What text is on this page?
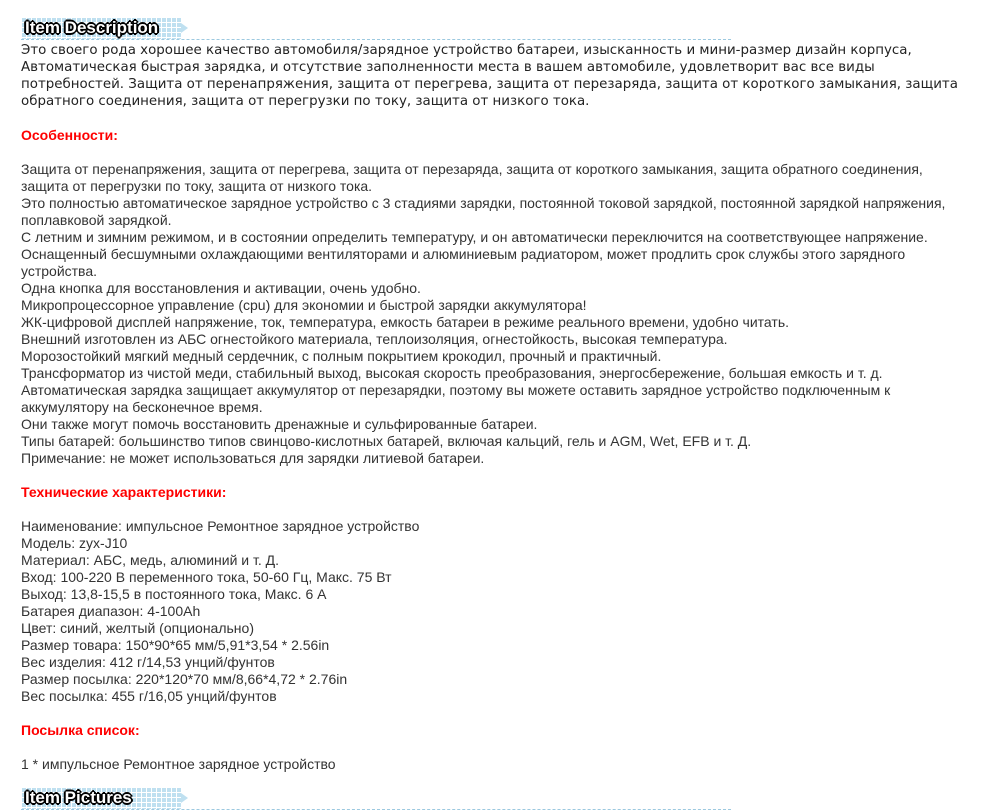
Item Description

Это своего рода хорошее качество автомобиля/зарядное устройство батареи, изысканность и мини-размер дизайн корпуса, Автоматическая быстрая зарядка, и отсутствие заполненности места в вашем автомобиле, удовлетворит вас все виды потребностей. Защита от перенапряжения, защита от перегрева, защита от перезаряда, защита от короткого замыкания, защита обратного соединения, защита от перегрузки по току, защита от низкого тока.

Особенности:
Защита от перенапряжения, защита от перегрева, защита от перезаряда, защита от короткого замыкания, защита обратного соединения, защита от перегрузки по току, защита от низкого тока.
Это полностью автоматическое зарядное устройство с 3 стадиями зарядки, постоянной токовой зарядкой, постоянной зарядкой напряжения, поплавковой зарядкой.
С летним и зимним режимом, и в состоянии определить температуру, и он автоматически переключится на соответствующее напряжение.
Оснащенный бесшумными охлаждающими вентиляторами и алюминиевым радиатором, может продлить срок службы этого зарядного устройства.
Одна кнопка для восстановления и активации, очень удобно.
Микропроцессорное управление (cpu) для экономии и быстрой зарядки аккумулятора!
ЖК-цифровой дисплей напряжение, ток, температура, емкость батареи в режиме реального времени, удобно читать.
Внешний изготовлен из АБС огнестойкого материала, теплоизоляция, огнестойкость, высокая температура.
Морозостойкий мягкий медный сердечник, с полным покрытием крокодил, прочный и практичный.
Трансформатор из чистой меди, стабильный выход, высокая скорость преобразования, энергосбережение, большая емкость и т. д.
Автоматическая зарядка защищает аккумулятор от перезарядки, поэтому вы можете оставить зарядное устройство подключенным к аккумулятору на бесконечное время.
Они также могут помочь восстановить дренажные и сульфированные батареи.
Типы батарей: большинство типов свинцово-кислотных батарей, включая кальций, гель и AGM, Wet, EFB и т. Д.
Примечание: не может использоваться для зарядки литиевой батареи.
Технические характеристики:
Наименование: импульсное Ремонтное зарядное устройство
Модель: zyx-J10
Материал: АБС, медь, алюминий и т. Д.
Вход: 100-220 В переменного тока, 50-60 Гц, Макс. 75 Вт
Выход: 13,8-15,5 в постоянного тока, Макс. 6 А
Батарея диапазон: 4-100Ah
Цвет: синий, желтый (опционально)
Размер товара: 150*90*65 мм/5,91*3,54 * 2.56in
Вес изделия: 412 г/14,53 унций/фунтов
Размер посылка: 220*120*70 мм/8,66*4,72 * 2.76in
Вес посылка: 455 г/16,05 унций/фунтов
Посылка список:
1 * импульсное Ремонтное зарядное устройство
Item Pictures
